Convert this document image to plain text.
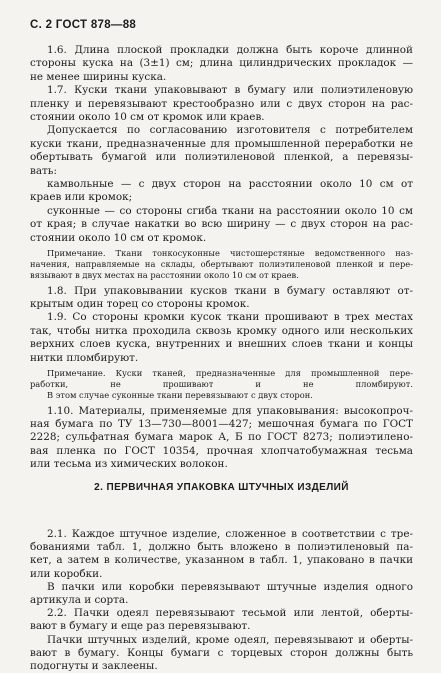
С. 2 ГОСТ 878—88
1.6. Длина плоской прокладки должна быть короче длинной
стороны куска на (3±1) см; длина цилиндрических прокладок —
не менее ширины куска.
1.7. Куски ткани упаковывают в бумагу или полиэтиленовую
пленку и перевязывают крестообразно или с двух сторон на рас-
стоянии около 10 см от кромок или краев.
Допускается по согласованию изготовителя с потребителем
куски ткани, предназначенные для промышленной переработки не
обертывать бумагой или полиэтиленовой пленкой, а перевязы-
вать:
камвольные — с двух сторон на расстоянии около 10 см от
краев или кромок;
суконные — со стороны сгиба ткани на расстоянии около 10 см
от края; в случае накатки во всю ширину — с двух сторон на рас-
стоянии около 10 см от кромок.
Примечание. Ткани тонкосуконные чистошерстяные ведомственного наз-
начения, направляемые на склады, обертывают полиэтиленовой пленкой и пере-
вязывают в двух местах на расстоянии около 10 см от краев.
1.8. При упаковывании кусков ткани в бумагу оставляют от-
крытым один торец со стороны кромок.
1.9. Со стороны кромки кусок ткани прошивают в трех местах
так, чтобы нитка проходила сквозь кромку одного или нескольких
верхних слоев куска, внутренних и внешних слоев ткани и концы
нитки пломбируют.
Примечание. Куски тканей, предназначенные для промышленной пере-
работки, не прошивают и не пломбируют.
В этом случае суконные ткани перевязывают с двух сторон.
1.10. Материалы, применяемые для упаковывания: высокопроч-
ная бумага по ТУ 13—730—8001—427; мешочная бумага по ГОСТ
2228; сульфатная бумага марок А, Б по ГОСТ 8273; полиэтилено-
вая пленка по ГОСТ 10354, прочная хлопчатобумажная тесьма
или тесьма из химических волокон.
2. ПЕРВИЧНАЯ УПАКОВКА ШТУЧНЫХ ИЗДЕЛИЙ
2.1. Каждое штучное изделие, сложенное в соответствии с тре-
бованиями табл. 1, должно быть вложено в полиэтиленовый па-
кет, а затем в количестве, указанном в табл. 1, упаковано в пачки
или коробки.
В пачки или коробки перевязывают штучные изделия одного
артикула и сорта.
2.2. Пачки одеял перевязывают тесьмой или лентой, оберты-
вают в бумагу и еще раз перевязывают.
Пачки штучных изделий, кроме одеял, перевязывают и оберты-
вают в бумагу. Концы бумаги с торцевых сторон должны быть
подогнуты и заклеены.
